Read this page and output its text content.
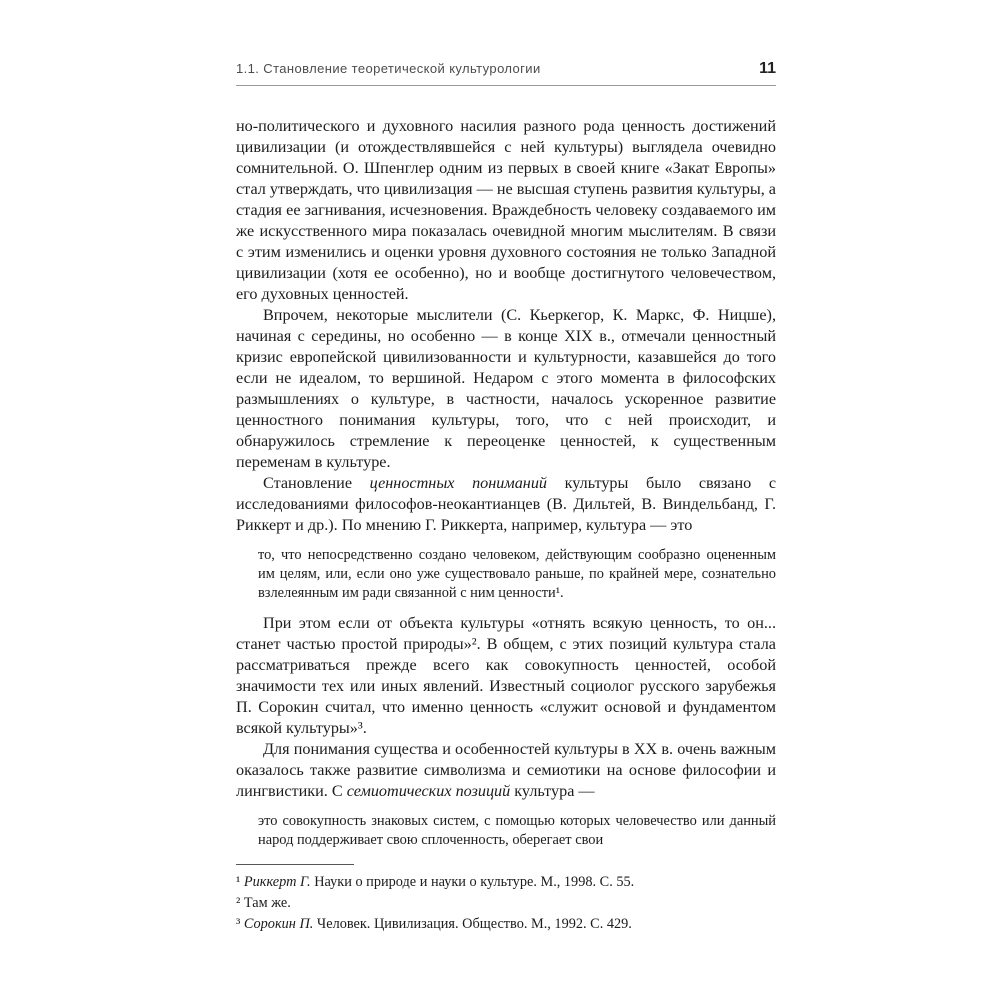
1.1. Становление теоретической культурологии	11

но-политического и духовного насилия разного рода ценность достижений цивилизации (и отождествлявшейся с ней культуры) выглядела очевидно сомнительной. О. Шпенглер одним из первых в своей книге «Закат Европы» стал утверждать, что цивилизация — не высшая ступень развития культуры, а стадия ее загнивания, исчезновения. Враждебность человеку создаваемого им же искусственного мира показалась очевидной многим мыслителям. В связи с этим изменились и оценки уровня духовного состояния не только Западной цивилизации (хотя ее особенно), но и вообще достигнутого человечеством, его духовных ценностей.

Впрочем, некоторые мыслители (С. Кьеркегор, К. Маркс, Ф. Ницше), начиная с середины, но особенно — в конце XIX в., отмечали ценностный кризис европейской цивилизованности и культурности, казавшейся до того если не идеалом, то вершиной. Недаром с этого момента в философских размышлениях о культуре, в частности, началось ускоренное развитие ценностного понимания культуры, того, что с ней происходит, и обнаружилось стремление к переоценке ценностей, к существенным переменам в культуре.

Становление ценностных пониманий культуры было связано с исследованиями философов-неокантианцев (В. Дильтей, В. Виндельбанд, Г. Риккерт и др.). По мнению Г. Риккерта, например, культура — это

то, что непосредственно создано человеком, действующим сообразно оцененным им целям, или, если оно уже существовало раньше, по крайней мере, сознательно взлелеянным им ради связанной с ним ценности¹.

При этом если от объекта культуры «отнять всякую ценность, то он... станет частью простой природы»². В общем, с этих позиций культура стала рассматриваться прежде всего как совокупность ценностей, особой значимости тех или иных явлений. Известный социолог русского зарубежья П. Сорокин считал, что именно ценность «служит основой и фундаментом всякой культуры»³.

Для понимания существа и особенностей культуры в XX в. очень важным оказалось также развитие символизма и семиотики на основе философии и лингвистики. С семиотических позиций культура —

это совокупность знаковых систем, с помощью которых человечество или данный народ поддерживает свою сплоченность, оберегает свои

¹ Риккерт Г. Науки о природе и науки о культуре. М., 1998. С. 55.

² Там же.

³ Сорокин П. Человек. Цивилизация. Общество. М., 1992. С. 429.
